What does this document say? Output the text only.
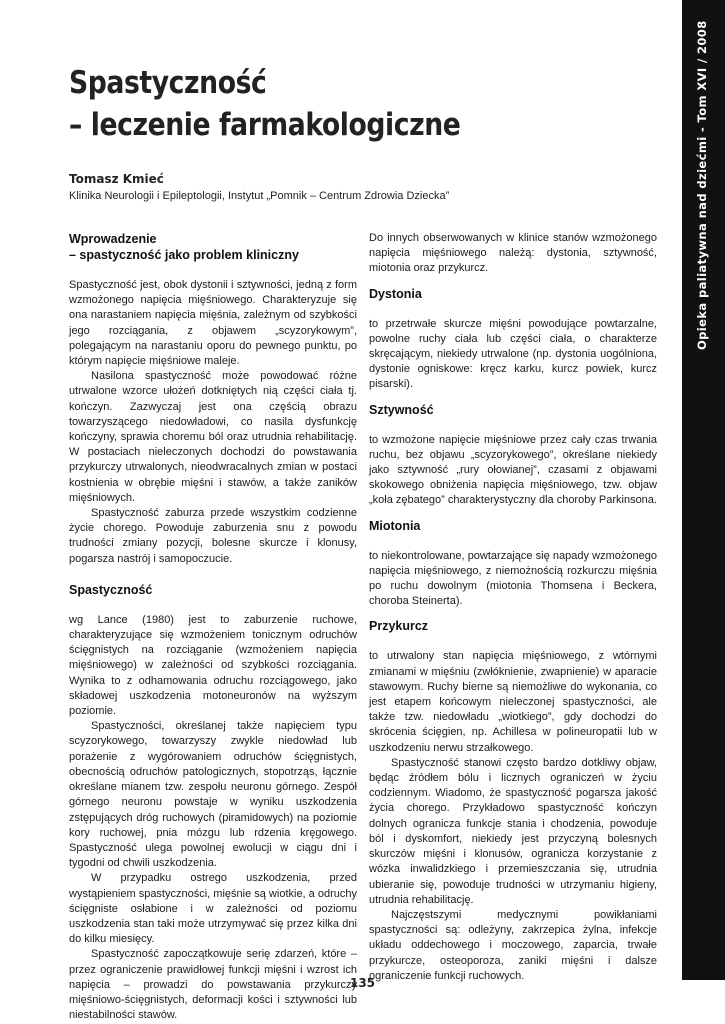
Opieka paliatywna nad dziećmi - Tom XVI / 2008
Spastyczność
– leczenie farmakologiczne
Tomasz Kmieć
Klinika Neurologii i Epileptologii, Instytut „Pomnik – Centrum Zdrowia Dziecka”
Wprowadzenie
– spastyczność jako problem kliniczny

Spastyczność jest, obok dystonii i sztywności, jedną z form wzmożonego napięcia mięśniowego. Charakteryzuje się ona narastaniem napięcia mięśnia, zależnym od szybkości jego rozciągania, z objawem „scyzorykowym”, polegającym na narastaniu oporu do pewnego punktu, po którym napięcie mięśniowe maleje.

Nasilona spastyczność może powodować różne utrwalone wzorce ułożeń dotkniętych nią części ciała tj. kończyn. Zazwyczaj jest ona częścią obrazu towarzyszącego niedowładowi, co nasila dysfunkcję kończyny, sprawia choremu ból oraz utrudnia rehabilitację. W postaciach nieleczonych dochodzi do powstawania przykurczy utrwalonych, nieodwracalnych zmian w postaci kostnienia w obrębie mięśni i stawów, a także zaników mięśniowych.

Spastyczność zaburza przede wszystkim codzienne życie chorego. Powoduje zaburzenia snu z powodu trudności zmiany pozycji, bolesne skurcze i klonusy, pogarsza nastrój i samopoczucie.

Spastyczność

wg Lance (1980) jest to zaburzenie ruchowe, charakteryzujące się wzmożeniem tonicznym odruchów ścięgnistych na rozciąganie (wzmożeniem napięcia mięśniowego) w zależności od szybkości rozciągania. Wynika to z odhamowania odruchu rozciągowego, jako składowej uszkodzenia motoneuronów na wyższym poziomie.

Spastyczności, określanej także napięciem typu scyzorykowego, towarzyszy zwykle niedowład lub porażenie z wygórowaniem odruchów ścięgnistych, obecnością odruchów patologicznych, stopotrząs, łącznie określane mianem tzw. zespołu neuronu górnego. Zespół górnego neuronu powstaje w wyniku uszkodzenia zstępujących dróg ruchowych (piramidowych) na poziomie kory ruchowej, pnia mózgu lub rdzenia kręgowego. Spastyczność ulega powolnej ewolucji w ciągu dni i tygodni od chwili uszkodzenia.

W przypadku ostrego uszkodzenia, przed wystąpieniem spastyczności, mięśnie są wiotkie, a odruchy ścięgniste osłabione i w zależności od poziomu uszkodzenia stan taki może utrzymywać się przez kilka dni do kilku miesięcy.

Spastyczność zapoczątkowuje serię zdarzeń, które – przez ograniczenie prawidłowej funkcji mięśni i wzrost ich napięcia – prowadzi do powstawania przykurczy mięśniowo-ścięgnistych, deformacji kości i sztywności lub niestabilności stawów.

Do innych obserwowanych w klinice stanów wzmożonego napięcia mięśniowego należą: dystonia, sztywność, miotonia oraz przykurcz.

Dystonia

to przetrwałe skurcze mięśni powodujące powtarzalne, powolne ruchy ciała lub części ciała, o charakterze skręcającym, niekiedy utrwalone (np. dystonia uogólniona, dystonie ogniskowe: kręcz karku, kurcz powiek, kurcz pisarski).

Sztywność

to wzmożone napięcie mięśniowe przez cały czas trwania ruchu, bez objawu „scyzorykowego”, określane niekiedy jako sztywność „rury ołowianej”, czasami z objawami skokowego obniżenia napięcia mięśniowego, tzw. objaw „koła zębatego” charakterystyczny dla choroby Parkinsona.

Miotonia

to niekontrolowane, powtarzające się napady wzmożonego napięcia mięśniowego, z niemożnością rozkurczu mięśnia po ruchu dowolnym (miotonia Thomsena i Beckera, choroba Steinerta).

Przykurcz

to utrwalony stan napięcia mięśniowego, z wtórnymi zmianami w mięśniu (zwłóknienie, zwapnienie) w aparacie stawowym. Ruchy bierne są niemożliwe do wykonania, co jest etapem końcowym nieleczonej spastyczności, ale także tzw. niedowładu „wiotkiego”, gdy dochodzi do skrócenia ścięgien, np. Achillesa w polineuropatii lub w uszkodzeniu nerwu strzałkowego.

Spastyczność stanowi często bardzo dotkliwy objaw, będąc źródłem bólu i licznych ograniczeń w życiu codziennym. Wiadomo, że spastyczność pogarsza jakość życia chorego. Przykładowo spastyczność kończyn dolnych ogranicza funkcje stania i chodzenia, powoduje ból i dyskomfort, niekiedy jest przyczyną bolesnych skurczów mięśni i klonusów, ogranicza korzystanie z wózka inwalidzkiego i przemieszczania się, utrudnia ubieranie się, powoduje trudności w utrzymaniu higieny, utrudnia rehabilitację.

Najczęstszymi medycznymi powikłaniami spastyczności są: odleżyny, zakrzepica żylna, infekcje układu oddechowego i moczowego, zaparcia, trwałe przykurcze, osteoporoza, zaniki mięśni i dalsze ograniczenie funkcji ruchowych.

135
